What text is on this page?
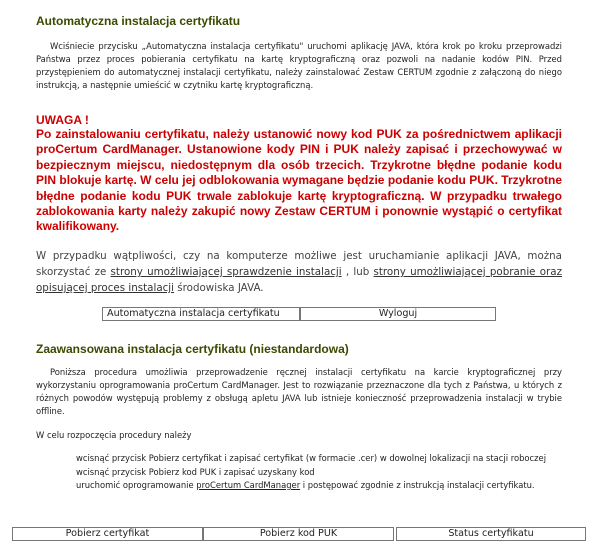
Automatyczna instalacja certyfikatu

Wciśniecie przycisku „Automatyczna instalacja certyfikatu" uruchomi aplikację JAVA, która krok po kroku przeprowadzi Państwa przez proces pobierania certyfikatu na kartę kryptograficzną oraz pozwoli na nadanie kodów PIN. Przed przystępieniem do automatycznej instalacji certyfikatu, należy zainstalować Zestaw CERTUM zgodnie z załączoną do niego instrukcją, a następnie umieścić w czytniku kartę kryptograficzną.

UWAGA !

Po zainstalowaniu certyfikatu, należy ustanowić nowy kod PUK za pośrednictwem aplikacji proCertum CardManager. Ustanowione kody PIN i PUK należy zapisać i przechowywać w bezpiecznym miejscu, niedostępnym dla osób trzecich. Trzykrotne błędne podanie kodu PIN blokuje kartę. W celu jej odblokowania wymagane będzie podanie kodu PUK. Trzykrotne błędne podanie kodu PUK trwale zablokuje kartę kryptograficzną. W przypadku trwałego zablokowania karty należy zakupić nowy Zestaw CERTUM i ponownie wystąpić o certyfikat kwalifikowany.

W przypadku wątpliwości, czy na komputerze możliwe jest uruchamianie aplikacji JAVA, można skorzystać ze strony umożliwiającej sprawdzenie instalacji , lub strony umożliwiającej pobranie oraz opisującej proces instalacji środowiska JAVA.

Automatyczna instalacja certyfikatu	Wyloguj
Zaawansowana instalacja certyfikatu (niestandardowa)

Poniższa procedura umożliwia przeprowadzenie ręcznej instalacji certyfikatu na karcie kryptograficznej przy wykorzystaniu oprogramowania proCertum CardManager. Jest to rozwiązanie przeznaczone dla tych z Państwa, u których z różnych powodów występują problemy z obsługą apletu JAVA lub istnieje konieczność przeprowadzenia instalacji w trybie offline.

W celu rozpoczęcia procedury należy

wcisnąć przycisk Pobierz certyfikat i zapisać certyfikat (w formacie .cer) w dowolnej lokalizacji na stacji roboczej
wcisnąć przycisk Pobierz kod PUK i zapisać uzyskany kod
uruchomić oprogramowanie proCertum CardManager i postępować zgodnie z instrukcją instalacji certyfikatu.
Pobierz certyfikat	Pobierz kod PUK	Status certyfikatu
